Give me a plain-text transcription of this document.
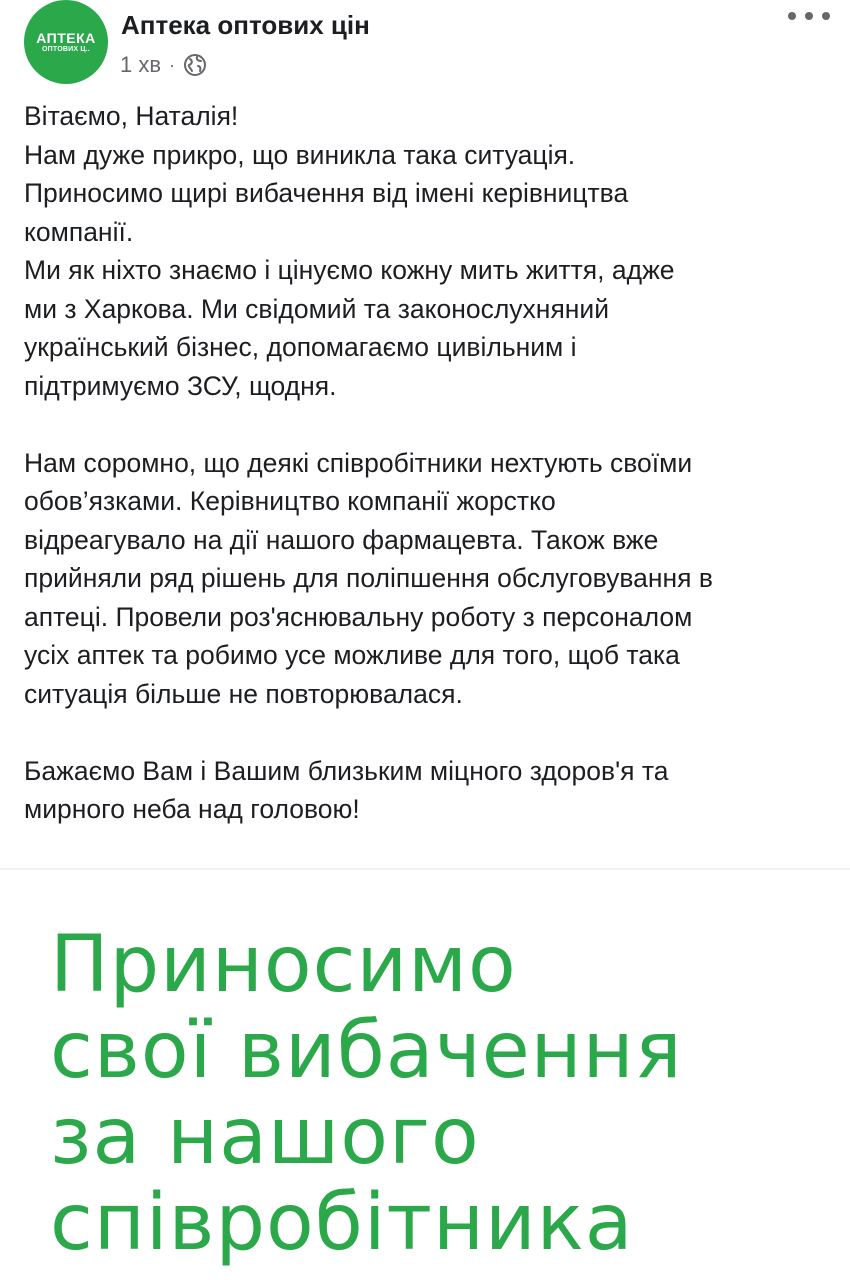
АПТЕКА
ОПТОВИХ Ц..
Аптека оптових цін
1 хв ·

Вітаємо, Наталія!

Нам дуже прикро, що виникла така ситуація.

Приносимо щирі вибачення від імені керівництва

компанії.

Ми як ніхто знаємо і цінуємо кожну мить життя, адже

ми з Харкова. Ми свідомий та законослухняний

український бізнес, допомагаємо цивільним і

підтримуємо ЗСУ, щодня.

Нам соромно, що деякі співробітники нехтують своїми

обов’язками. Керівництво компанії жорстко

відреагувало на дії нашого фармацевта. Також вже

прийняли ряд рішень для поліпшення обслуговування в

аптеці. Провели роз'яснювальну роботу з персоналом

усіх аптек та робимо усе можливе для того, щоб така

ситуація більше не повторювалася.

Бажаємо Вам і Вашим близьким міцного здоров'я та

мирного неба над головою!

Приносимо
свої вибачення
за нашого
співробітника
